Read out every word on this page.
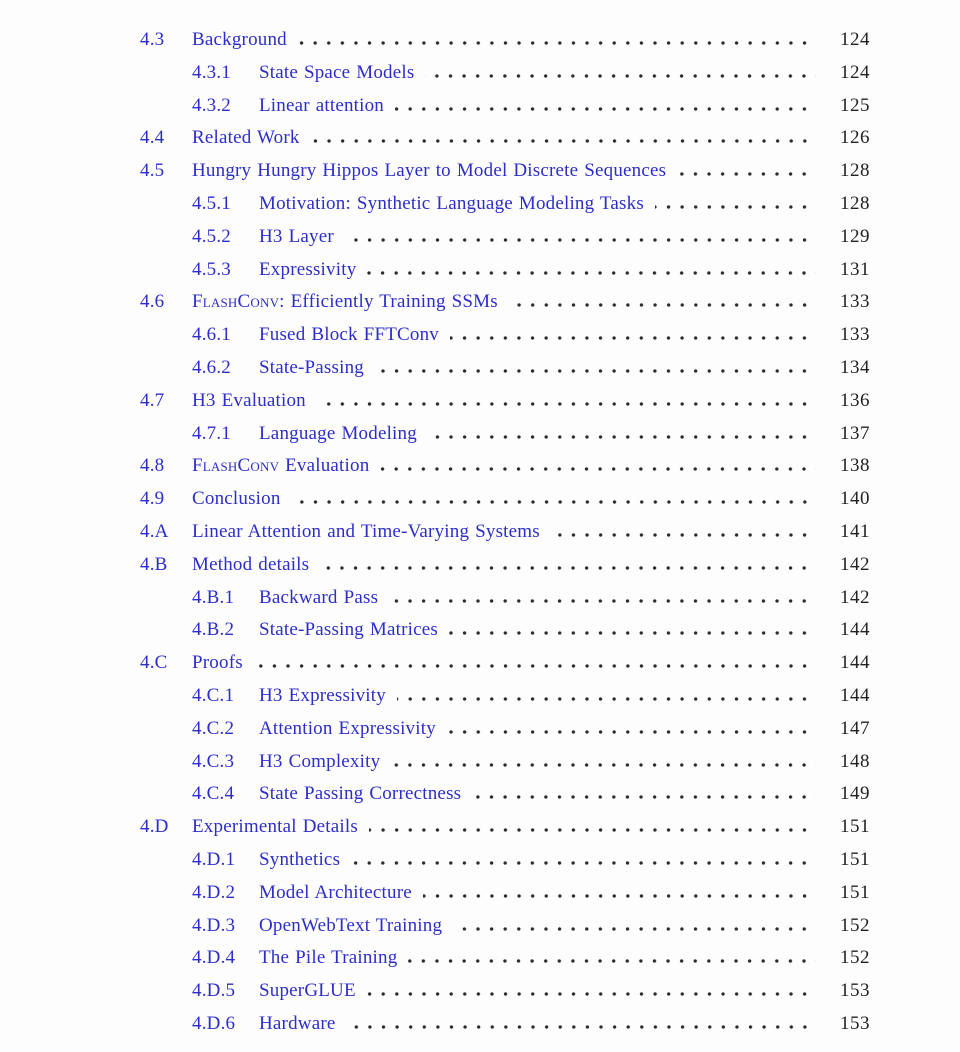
4.3	Background	124
4.3.1	State Space Models	124
4.3.2	Linear attention	125
4.4	Related Work	126
4.5	Hungry Hungry Hippos Layer to Model Discrete Sequences	128
4.5.1	Motivation: Synthetic Language Modeling Tasks	128
4.5.2	H3 Layer	129
4.5.3	Expressivity	131
4.6	FlashConv: Efficiently Training SSMs	133
4.6.1	Fused Block FFTConv	133
4.6.2	State-Passing	134
4.7	H3 Evaluation	136
4.7.1	Language Modeling	137
4.8	FlashConv Evaluation	138
4.9	Conclusion	140
4.A	Linear Attention and Time-Varying Systems	141
4.B	Method details	142
4.B.1	Backward Pass	142
4.B.2	State-Passing Matrices	144
4.C	Proofs	144
4.C.1	H3 Expressivity	144
4.C.2	Attention Expressivity	147
4.C.3	H3 Complexity	148
4.C.4	State Passing Correctness	149
4.D	Experimental Details	151
4.D.1	Synthetics	151
4.D.2	Model Architecture	151
4.D.3	OpenWebText Training	152
4.D.4	The Pile Training	152
4.D.5	SuperGLUE	153
4.D.6	Hardware	153
